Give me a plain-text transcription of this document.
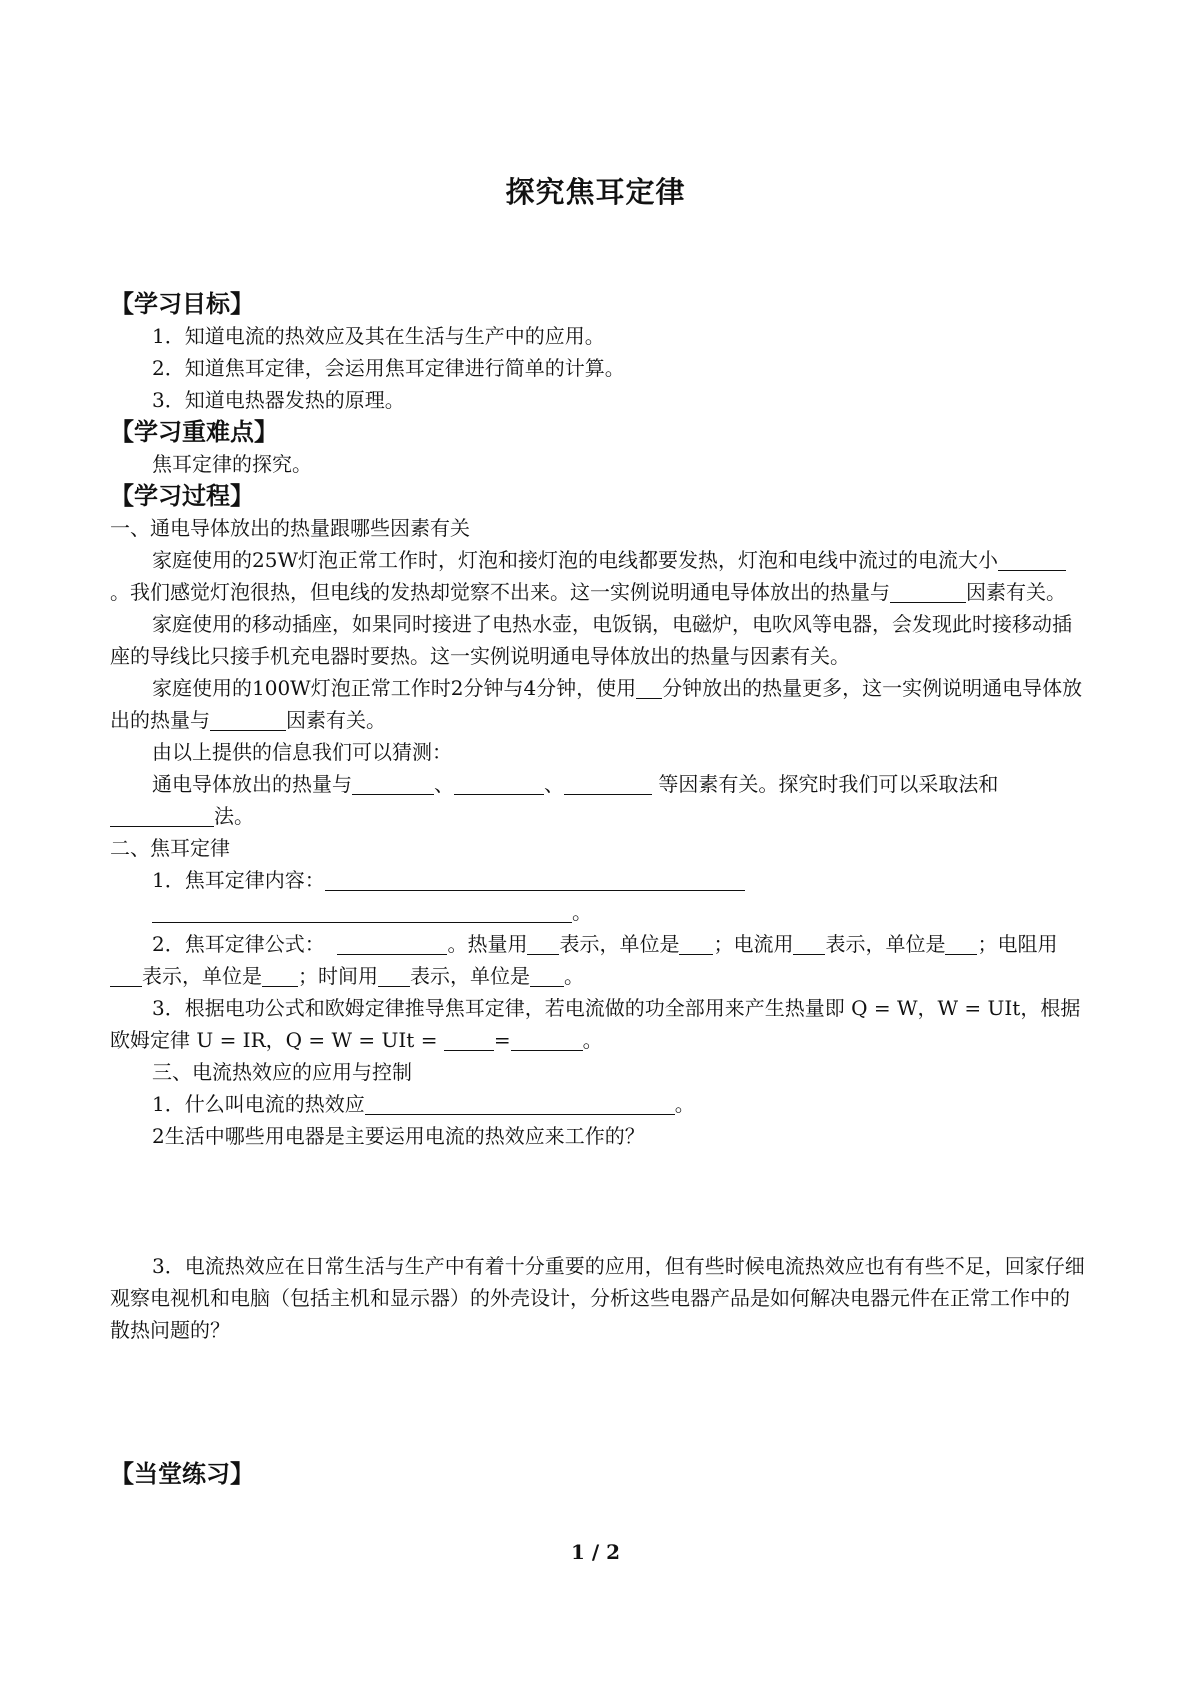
探究焦耳定律

【学习目标】

1．知道电流的热效应及其在生活与生产中的应用。

2．知道焦耳定律，会运用焦耳定律进行简单的计算。

3．知道电热器发热的原理。

【学习重难点】

焦耳定律的探究。

【学习过程】

一、通电导体放出的热量跟哪些因素有关

家庭使用的25W灯泡正常工作时，灯泡和接灯泡的电线都要发热，灯泡和电线中流过的电流大小。我们感觉灯泡很热，但电线的发热却觉察不出来。这一实例说明通电导体放出的热量与	因素有关。

家庭使用的移动插座，如果同时接进了电热水壶，电饭锅，电磁炉，电吹风等电器，会发现此时接移动插座的导线比只接手机充电器时要热。这一实例说明通电导体放出的热量与因素有关。

家庭使用的100W灯泡正常工作时2分钟与4分钟，使用 分钟放出的热量更多，这一实例说明通电导体放出的热量与	因素有关。

由以上提供的信息我们可以猜测：

通电导体放出的热量与	、	、	等因素有关。探究时我们可以采取法和法。

二、焦耳定律

1．焦耳定律内容：

。

2．焦耳定律公式：	。热量用 表示，单位是 ；电流用 表示，单位是 ；电阻用表示，单位是 ；时间用 表示，单位是 。

3．根据电功公式和欧姆定律推导焦耳定律，若电流做的功全部用来产生热量即 Q = W，W = UIt，根据欧姆定律 U = IR，Q = W = UIt =	=	。

三、电流热效应的应用与控制

1．什么叫电流的热效应	。

2生活中哪些用电器是主要运用电流的热效应来工作的？

3．电流热效应在日常生活与生产中有着十分重要的应用，但有些时候电流热效应也有有些不足，回家仔细观察电视机和电脑（包括主机和显示器）的外壳设计，分析这些电器产品是如何解决电器元件在正常工作中的散热问题的？

【当堂练习】

1 / 2
